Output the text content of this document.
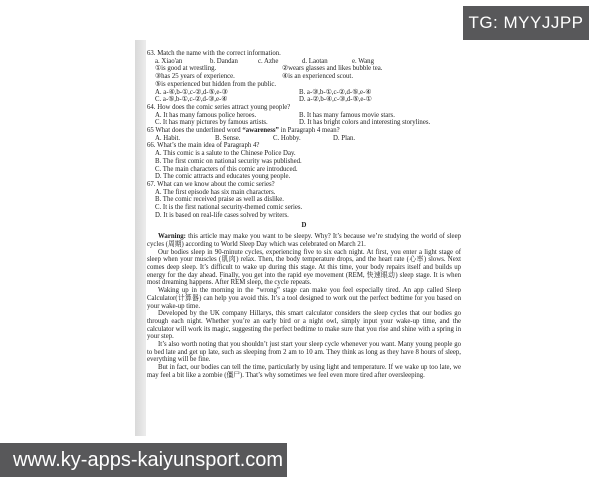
63. Match the name with the correct information.
a. Xiao'an	b. Dandan	c. Azhe	d. Laotan	e. Wang
①is good at wrestling.	②wears glasses and likes bubble tea.
③has 25 years of experience.	④is an experienced scout.
⑤is experienced but hidden from the public.
A. a-④,b-①,c-②,d-⑤,e-③	B. a-③,b-①,c-②,d-⑤,e-④
C. a-⑤,b-①,c-②,d-③,e-④	D. a-②,b-④,c-③,d-⑤,e-①
64. How does the comic series attract young people?
A. It has many famous police heroes.	B. It has many famous movie stars.
C. It has many pictures by famous artists.	D. It has bright colors and interesting storylines.
65 What does the underlined word “awareness” in Paragraph 4 mean?
A. Habit.	B. Sense.	C. Hobby.	D. Plan.
66. What’s the main idea of Paragraph 4?
A. This comic is a salute to the Chinese Police Day.
B. The first comic on national security was published.
C. The main characters of this comic are introduced.
D. The comic attracts and educates young people.
67. What can we know about the comic series?
A. The first episode has six main characters.
B. The comic received praise as well as dislike.
C. It is the first national security-themed comic series.
D. It is based on real-life cases solved by writers.
D
Warning: this article may make you want to be sleepy. Why? It’s because we’re studying the world of sleep cycles (周期) according to World Sleep Day which was celebrated on March 21.
Our bodies sleep in 90-minute cycles, experiencing five to six each night. At first, you enter a light stage of sleep when your muscles (肌肉) relax. Then, the body temperature drops, and the heart rate (心率) slows. Next comes deep sleep. It’s difficult to wake up during this stage. At this time, your body repairs itself and builds up energy for the day ahead. Finally, you get into the rapid eye movement (REM, 快速眼动) sleep stage. It is when most dreaming happens. After REM sleep, the cycle repeats.
Waking up in the morning in the “wrong” stage can make you feel especially tired. An app called Sleep Calculator(计算器) can help you avoid this. It’s a tool designed to work out the perfect bedtime for you based on your wake-up time.
Developed by the UK company Hillarys, this smart calculator considers the sleep cycles that our bodies go through each night. Whether you’re an early bird or a night owl, simply input your wake-up time, and the calculator will work its magic, suggesting the perfect bedtime to make sure that you rise and shine with a spring in your step.
It’s also worth noting that you shouldn’t just start your sleep cycle whenever you want. Many young people go to bed late and get up late, such as sleeping from 2 am to 10 am. They think as long as they have 8 hours of sleep, everything will be fine.
But in fact, our bodies can tell the time, particularly by using light and temperature. If we wake up too late, we may feel a bit like a zombie (僵尸). That’s why sometimes we feel even more tired after oversleeping.
TG: MYYJJPP
www.ky-apps-kaiyunsport.com
